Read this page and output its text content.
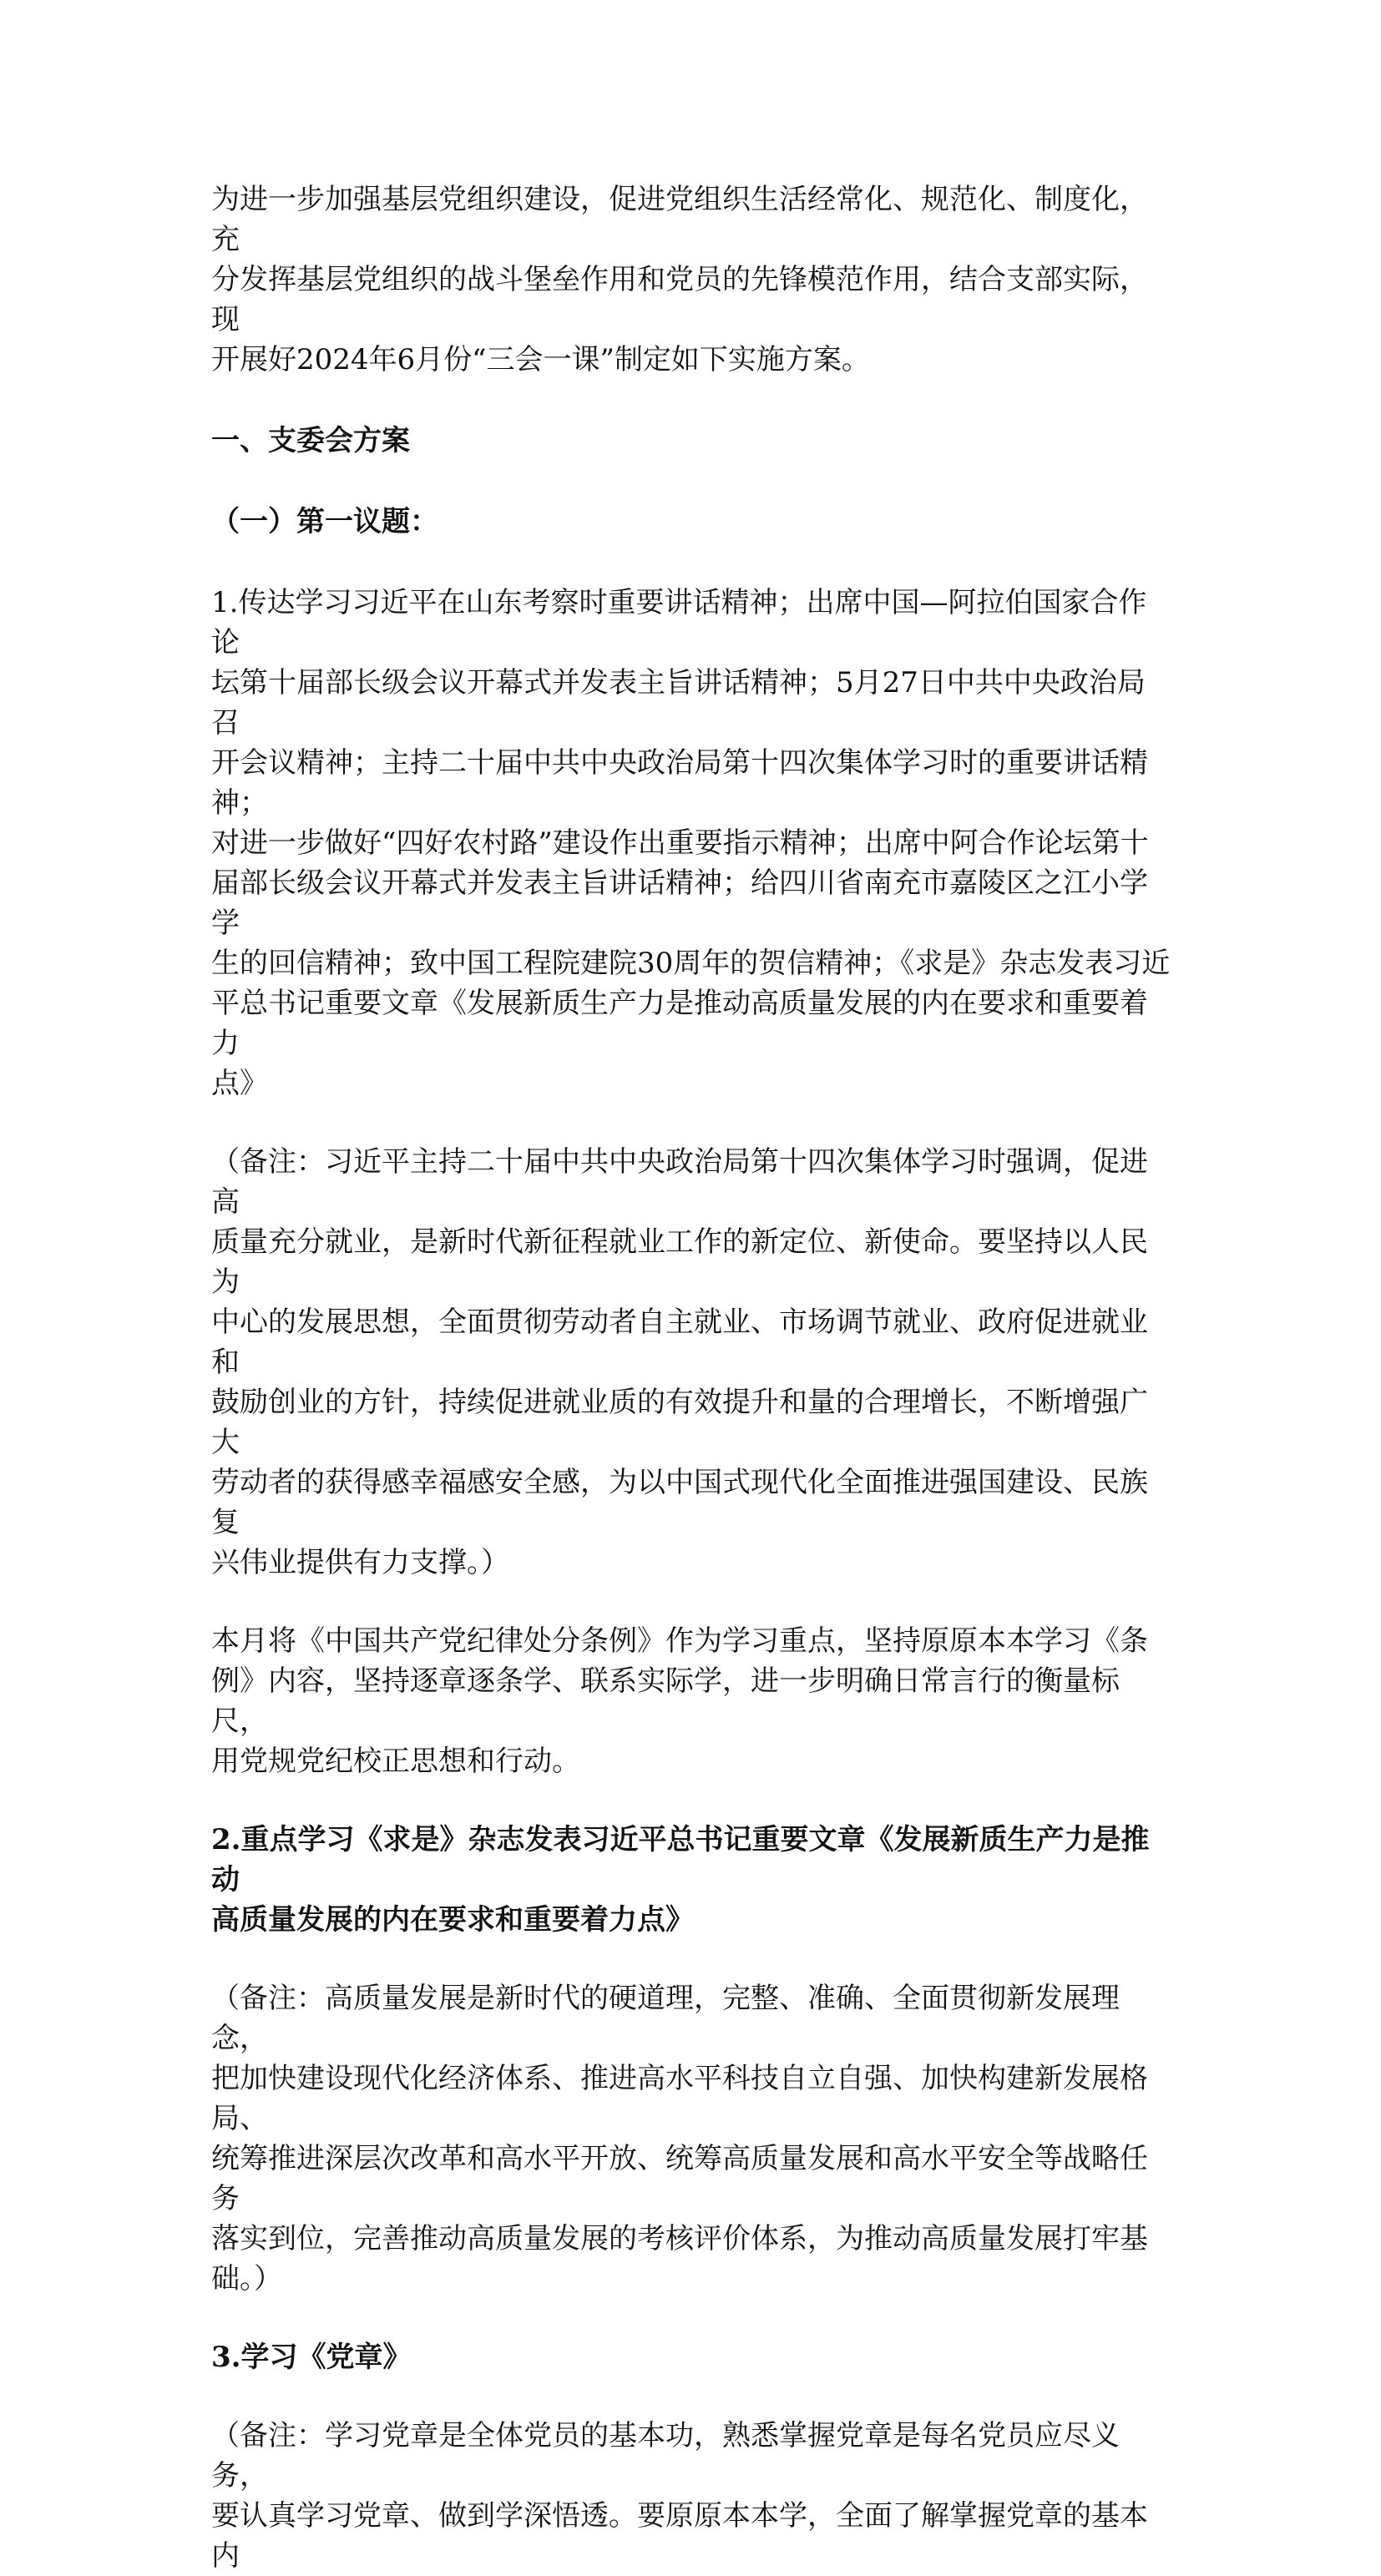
为进一步加强基层党组织建设，促进党组织生活经常化、规范化、制度化，充
分发挥基层党组织的战斗堡垒作用和党员的先锋模范作用，结合支部实际，现
开展好2024年6月份“三会一课”制定如下实施方案。

一、支委会方案

（一）第一议题：

1.传达学习习近平在山东考察时重要讲话精神；出席中国—阿拉伯国家合作论
坛第十届部长级会议开幕式并发表主旨讲话精神；5月27日中共中央政治局召
开会议精神；主持二十届中共中央政治局第十四次集体学习时的重要讲话精神；
对进一步做好“四好农村路”建设作出重要指示精神；出席中阿合作论坛第十
届部长级会议开幕式并发表主旨讲话精神；给四川省南充市嘉陵区之江小学学
生的回信精神；致中国工程院建院30周年的贺信精神；《求是》杂志发表习近
平总书记重要文章《发展新质生产力是推动高质量发展的内在要求和重要着力
点》

（备注：习近平主持二十届中共中央政治局第十四次集体学习时强调，促进高
质量充分就业，是新时代新征程就业工作的新定位、新使命。要坚持以人民为
中心的发展思想，全面贯彻劳动者自主就业、市场调节就业、政府促进就业和
鼓励创业的方针，持续促进就业质的有效提升和量的合理增长，不断增强广大
劳动者的获得感幸福感安全感，为以中国式现代化全面推进强国建设、民族复
兴伟业提供有力支撑。）

本月将《中国共产党纪律处分条例》作为学习重点，坚持原原本本学习《条
例》内容，坚持逐章逐条学、联系实际学，进一步明确日常言行的衡量标尺，
用党规党纪校正思想和行动。

2.重点学习《求是》杂志发表习近平总书记重要文章《发展新质生产力是推动
高质量发展的内在要求和重要着力点》

（备注：高质量发展是新时代的硬道理，完整、准确、全面贯彻新发展理念，
把加快建设现代化经济体系、推进高水平科技自立自强、加快构建新发展格局、
统筹推进深层次改革和高水平开放、统筹高质量发展和高水平安全等战略任务
落实到位，完善推动高质量发展的考核评价体系，为推动高质量发展打牢基
础。）

3.学习《党章》

（备注：学习党章是全体党员的基本功，熟悉掌握党章是每名党员应尽义务，
要认真学习党章、做到学深悟透。要原原本本学，全面了解掌握党章的基本内
